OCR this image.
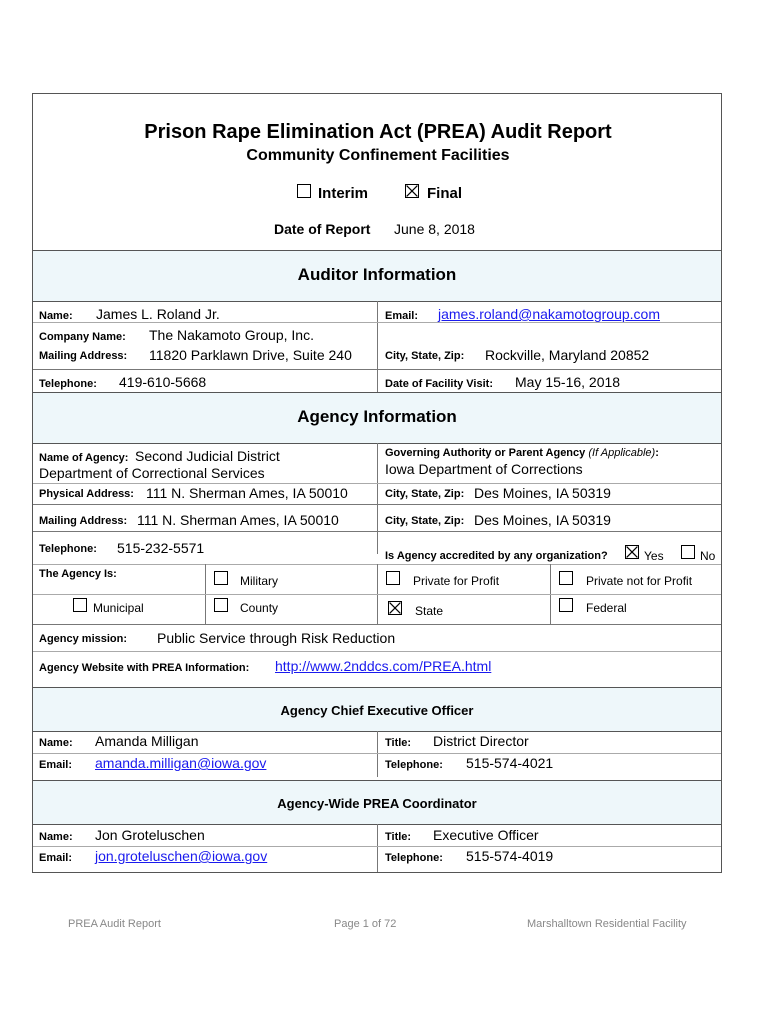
Prison Rape Elimination Act (PREA) Audit Report
Community Confinement Facilities
Interim	Final
Date of Report June 8, 2018
Auditor Information
Name: James L. Roland Jr.	Email: james.roland@nakamotogroup.com
Company Name: The Nakamoto Group, Inc.
Mailing Address: 11820 Parklawn Drive, Suite 240	City, State, Zip: Rockville, Maryland 20852
Telephone: 419-610-5668	Date of Facility Visit: May 15-16, 2018
Agency Information
Name of Agency: Second Judicial District
Department of Correctional Services
Governing Authority or Parent Agency (If Applicable):
Iowa Department of Corrections
Physical Address: 111 N. Sherman Ames, IA 50010	City, State, Zip: Des Moines, IA 50319
Mailing Address: 111 N. Sherman Ames, IA 50010	City, State, Zip: Des Moines, IA 50319
Telephone: 515-232-5571	Is Agency accredited by any organization?	Yes	No
The Agency Is:	Military	Private for Profit	Private not for Profit
Municipal	County	State	Federal
Agency mission: Public Service through Risk Reduction
Agency Website with PREA Information: http://www.2nddcs.com/PREA.html
Agency Chief Executive Officer
Name: Amanda Milligan	Title: District Director
Email: amanda.milligan@iowa.gov	Telephone: 515-574-4021
Agency-Wide PREA Coordinator
Name: Jon Groteluschen	Title: Executive Officer
Email: jon.groteluschen@iowa.gov	Telephone: 515-574-4019
PREA Audit Report	Page 1 of 72	Marshalltown Residential Facility
